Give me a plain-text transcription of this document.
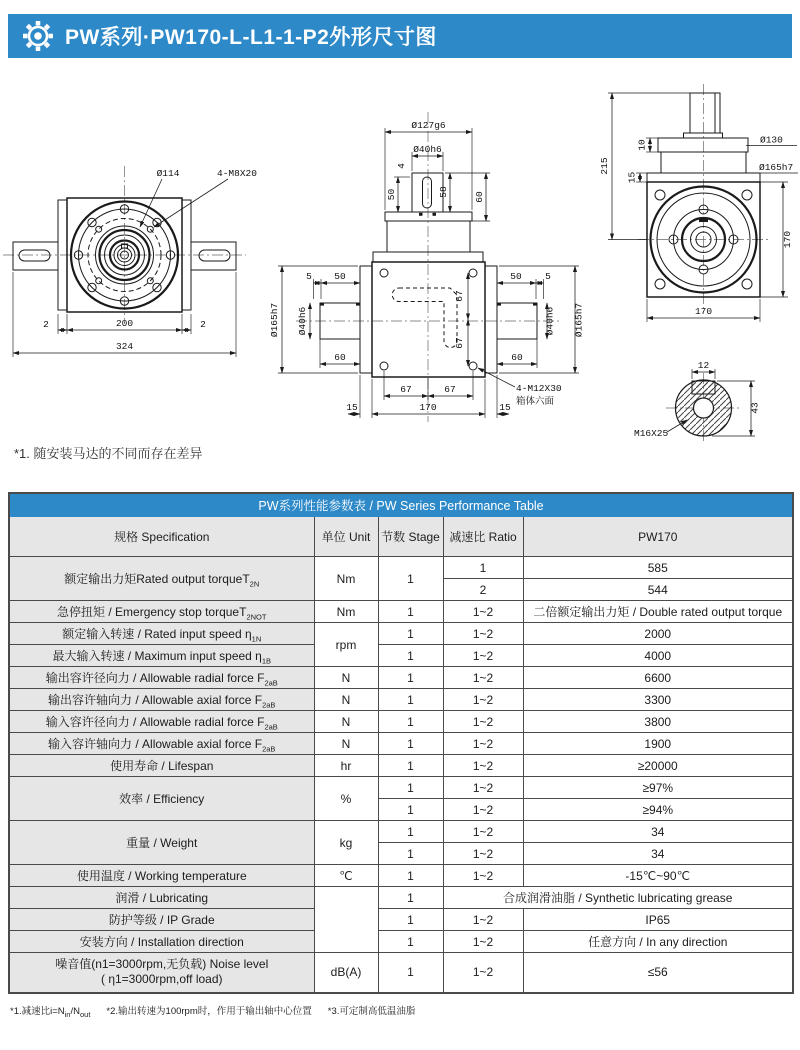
PW系列·PW170-L-L1-1-P2外形尺寸图
Ø114	4-M8X20
2	200	2
324
Ø127g6
Ø40h6
4
50	58	60
5 50
Ø40h6
60
Ø165h7
50 5
Ø40h6
60
Ø165h7
67
67
67	67
15	170	15
4-M12X30
箱体六面
215
10
15
Ø130
Ø165h7
170
170
12
43
M16X25
*1. 随安装马达的不同而存在差异
PW系列性能参数表 / PW Series Performance Table				
规格 Specification	单位 Unit	节数 Stage	减速比 Ratio	PW170
额定输出力矩Rated output torqueT$_{2N}$	Nm	1	1	585
			2	544
急停扭矩 / Emergency stop torqueT$_{2NOT}$	Nm	1	1~2	二倍额定输出力矩 / Double rated output torque
额定输入转速 / Rated input speed $\eta_{1N}$	rpm	1	1~2	2000
最大输入转速 / Maximum input speed $\eta_{1B}$		1	1~2	4000
输出容许径向力 / Allowable radial force $F_{2aB}$	N	1	1~2	6600
输出容许轴向力 / Allowable axial force $F_{2aB}$	N	1	1~2	3300
输入容许径向力 / Allowable radial force $F_{2aB}$	N	1	1~2	3800
输入容许轴向力 / Allowable axial force $F_{2aB}$	N	1	1~2	1900
使用寿命 / Lifespan	hr	1	1~2	≥20000
效率 / Efficiency	%	1	1~2	≥97%
		1	1~2	≥94%
重量 / Weight	kg	1	1~2	34
		1	1~2	34
使用温度 / Working temperature	℃	1	1~2	-15℃~90℃
润滑 / Lubricating		1	合成润滑油脂 / Synthetic lubricating grease	
防护等级 / IP Grade		1	1~2	IP65
安装方向 / Installation direction		1	1~2	任意方向 / In any direction

噪音值(n1=3000rpm,无负载) Noise level
( η1=3000rpm,off load)	dB(A)	1	1~2	≤56
*1.减速比$i=N_{in}/N_{out}$ *2.输出转速为100rpm时，作用于输出轴中心位置 *3.可定制高低温油脂
